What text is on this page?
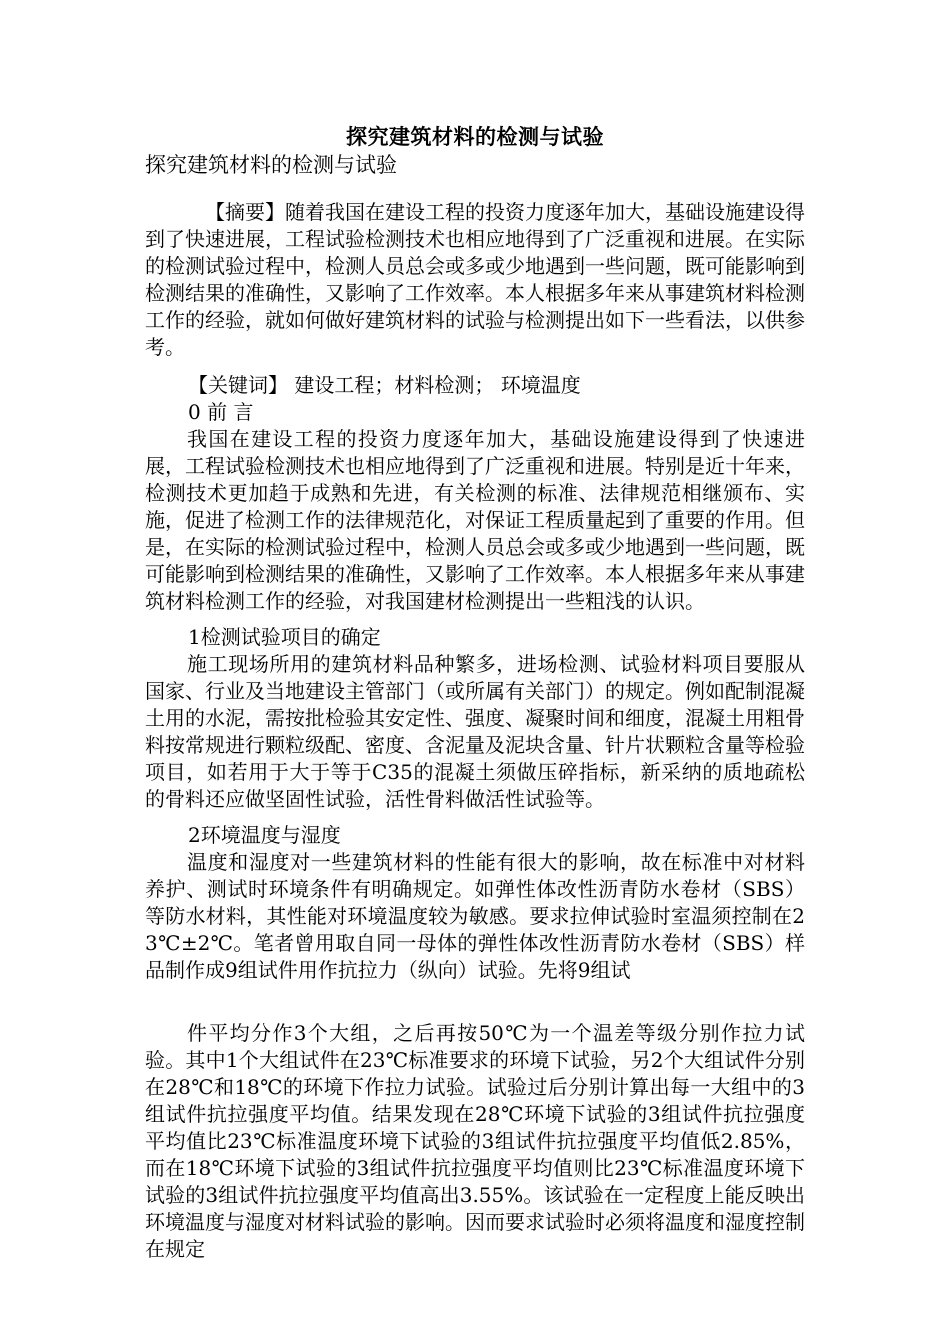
探究建筑材料的检测与试验
探究建筑材料的检测与试验
【摘要】随着我国在建设工程的投资力度逐年加大，基础设施建设得到了快速进展，工程试验检测技术也相应地得到了广泛重视和进展。在实际的检测试验过程中，检测人员总会或多或少地遇到一些问题，既可能影响到检测结果的准确性，又影响了工作效率。本人根据多年来从事建筑材料检测工作的经验，就如何做好建筑材料的试验与检测提出如下一些看法，以供参考。
【关键词】 建设工程；材料检测； 环境温度
0 前 言
我国在建设工程的投资力度逐年加大，基础设施建设得到了快速进展，工程试验检测技术也相应地得到了广泛重视和进展。特别是近十年来，检测技术更加趋于成熟和先进，有关检测的标准、法律规范相继颁布、实施，促进了检测工作的法律规范化，对保证工程质量起到了重要的作用。但是，在实际的检测试验过程中，检测人员总会或多或少地遇到一些问题，既可能影响到检测结果的准确性，又影响了工作效率。本人根据多年来从事建筑材料检测工作的经验，对我国建材检测提出一些粗浅的认识。
1检测试验项目的确定
施工现场所用的建筑材料品种繁多，进场检测、试验材料项目要服从国家、行业及当地建设主管部门（或所属有关部门）的规定。例如配制混凝土用的水泥，需按批检验其安定性、强度、凝聚时间和细度，混凝土用粗骨料按常规进行颗粒级配、密度、含泥量及泥块含量、针片状颗粒含量等检验项目，如若用于大于等于C35的混凝土须做压碎指标，新采纳的质地疏松的骨料还应做坚固性试验，活性骨料做活性试验等。
2环境温度与湿度
温度和湿度对一些建筑材料的性能有很大的影响，故在标准中对材料养护、测试时环境条件有明确规定。如弹性体改性沥青防水卷材（SBS）等防水材料，其性能对环境温度较为敏感。要求拉伸试验时室温须控制在23℃±2℃。笔者曾用取自同一母体的弹性体改性沥青防水卷材（SBS）样品制作成9组试件用作抗拉力（纵向）试验。先将9组试
件平均分作3个大组，之后再按50℃为一个温差等级分别作拉力试验。其中1个大组试件在23℃标准要求的环境下试验，另2个大组试件分别在28℃和18℃的环境下作拉力试验。试验过后分别计算出每一大组中的3组试件抗拉强度平均值。结果发现在28℃环境下试验的3组试件抗拉强度平均值比23℃标准温度环境下试验的3组试件抗拉强度平均值低2.85%，而在18℃环境下试验的3组试件抗拉强度平均值则比23℃标准温度环境下试验的3组试件抗拉强度平均值高出3.55%。该试验在一定程度上能反映出环境温度与湿度对材料试验的影响。因而要求试验时必须将温度和湿度控制在规定
